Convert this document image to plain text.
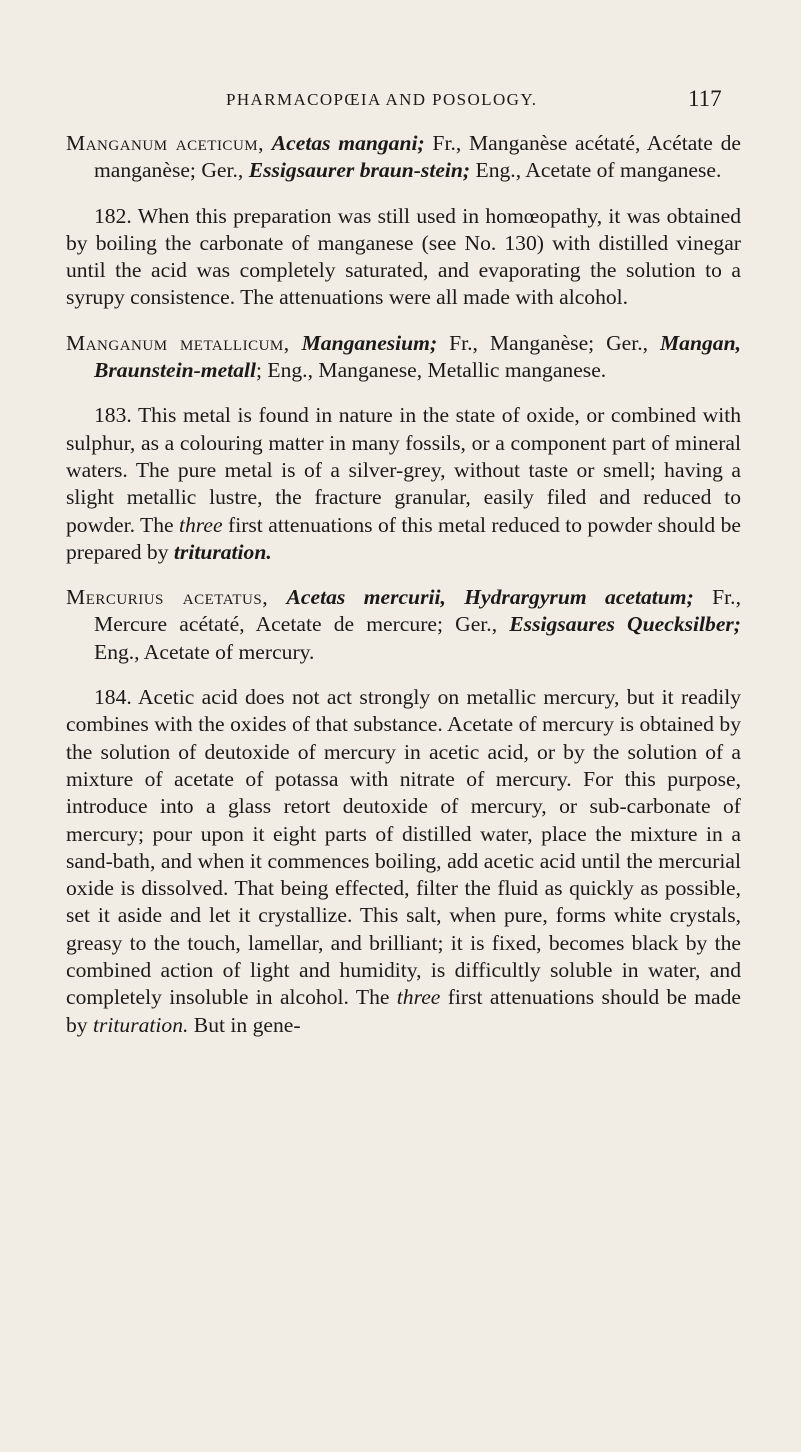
PHARMACOPŒIA AND POSOLOGY.	117

Manganum aceticum, Acetas mangani; Fr., Manganèse acétaté, Acétate de manganèse; Ger., Essigsaurer braun-stein; Eng., Acetate of manganese.

182. When this preparation was still used in homœopathy, it was obtained by boiling the carbonate of manganese (see No. 130) with distilled vinegar until the acid was completely saturated, and evaporating the solution to a syrupy consistence. The attenuations were all made with alcohol.

Manganum metallicum, Manganesium; Fr., Manganèse; Ger., Mangan, Braunstein-metall; Eng., Manganese, Metallic manganese.

183. This metal is found in nature in the state of oxide, or combined with sulphur, as a colouring matter in many fossils, or a component part of mineral waters. The pure metal is of a silver-grey, without taste or smell; having a slight metallic lustre, the fracture granular, easily filed and reduced to powder. The three first attenuations of this metal reduced to powder should be prepared by trituration.

Mercurius acetatus, Acetas mercurii, Hydrargyrum acetatum; Fr., Mercure acétaté, Acetate de mercure; Ger., Essigsaures Quecksilber; Eng., Acetate of mercury.

184. Acetic acid does not act strongly on metallic mercury, but it readily combines with the oxides of that substance. Acetate of mercury is obtained by the solution of deutoxide of mercury in acetic acid, or by the solution of a mixture of acetate of potassa with nitrate of mercury. For this purpose, introduce into a glass retort deutoxide of mercury, or sub-carbonate of mercury; pour upon it eight parts of distilled water, place the mixture in a sand-bath, and when it commences boiling, add acetic acid until the mercurial oxide is dissolved. That being effected, filter the fluid as quickly as possible, set it aside and let it crystallize. This salt, when pure, forms white crystals, greasy to the touch, lamellar, and brilliant; it is fixed, becomes black by the combined action of light and humidity, is difficultly soluble in water, and completely insoluble in alcohol. The three first attenuations should be made by trituration. But in gene-
